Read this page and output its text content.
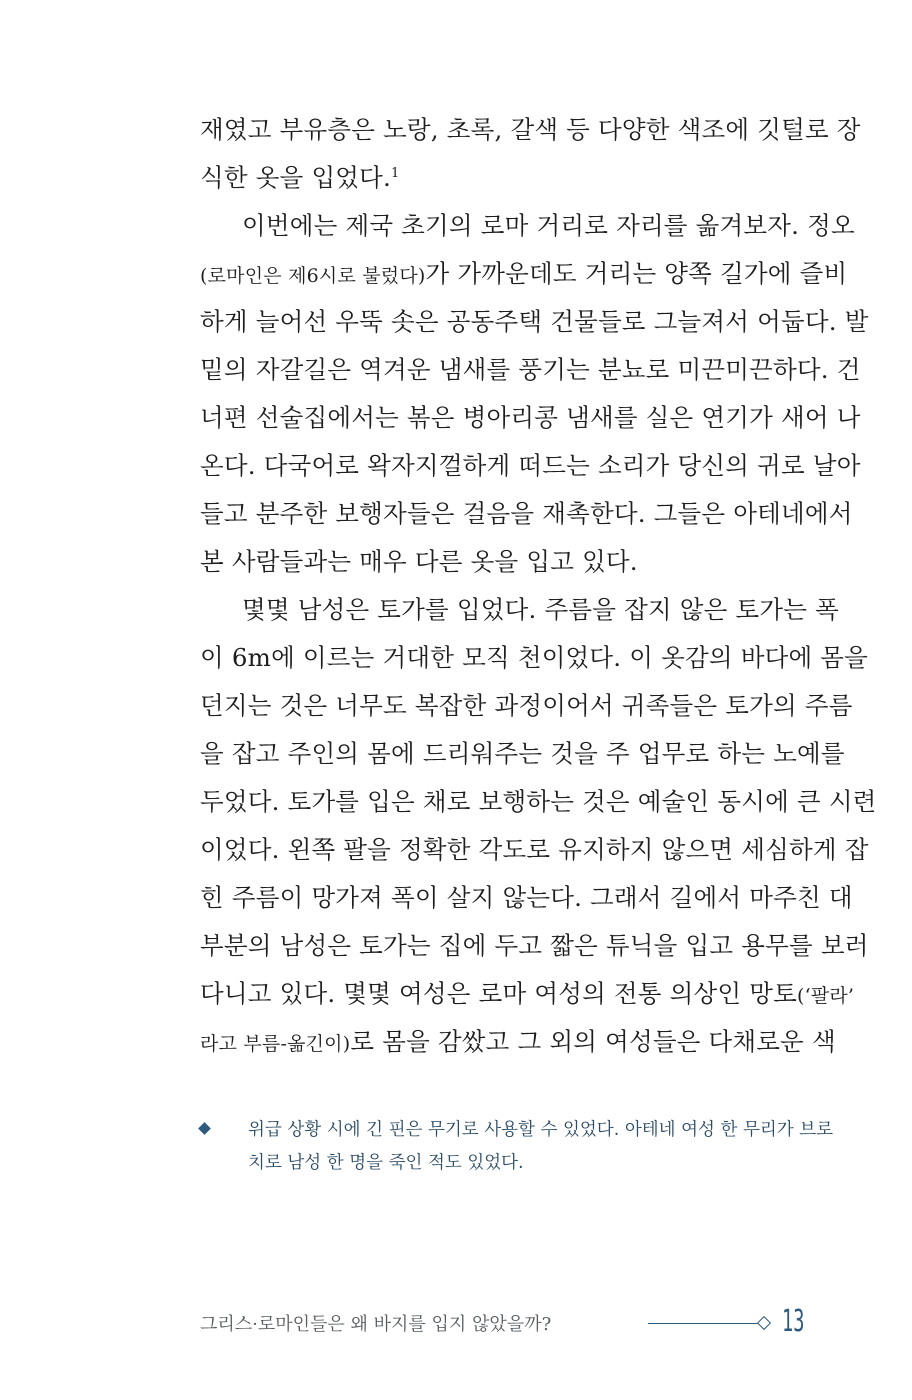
재였고 부유층은 노랑, 초록, 갈색 등 다양한 색조에 깃털로 장
식한 옷을 입었다.$^1$
이번에는 제국 초기의 로마 거리로 자리를 옮겨보자. 정오
(로마인은 제6시로 불렀다)가 가까운데도 거리는 양쪽 길가에 즐비
하게 늘어선 우뚝 솟은 공동주택 건물들로 그늘져서 어둡다. 발
밑의 자갈길은 역겨운 냄새를 풍기는 분뇨로 미끈미끈하다. 건
너편 선술집에서는 볶은 병아리콩 냄새를 실은 연기가 새어 나
온다. 다국어로 왁자지껄하게 떠드는 소리가 당신의 귀로 날아
들고 분주한 보행자들은 걸음을 재촉한다. 그들은 아테네에서
본 사람들과는 매우 다른 옷을 입고 있다.
몇몇 남성은 토가를 입었다. 주름을 잡지 않은 토가는 폭
이 6m에 이르는 거대한 모직 천이었다. 이 옷감의 바다에 몸을
던지는 것은 너무도 복잡한 과정이어서 귀족들은 토가의 주름
을 잡고 주인의 몸에 드리워주는 것을 주 업무로 하는 노예를
두었다. 토가를 입은 채로 보행하는 것은 예술인 동시에 큰 시련
이었다. 왼쪽 팔을 정확한 각도로 유지하지 않으면 세심하게 잡
힌 주름이 망가져 폭이 살지 않는다. 그래서 길에서 마주친 대
부분의 남성은 토가는 집에 두고 짧은 튜닉을 입고 용무를 보러
다니고 있다. 몇몇 여성은 로마 여성의 전통 의상인 망토(‘팔라’
라고 부름-옮긴이)로 몸을 감쌌고 그 외의 여성들은 다채로운 색
위급 상황 시에 긴 핀은 무기로 사용할 수 있었다. 아테네 여성 한 무리가 브로
치로 남성 한 명을 죽인 적도 있었다.
그리스·로마인들은 왜 바지를 입지 않았을까?	13
